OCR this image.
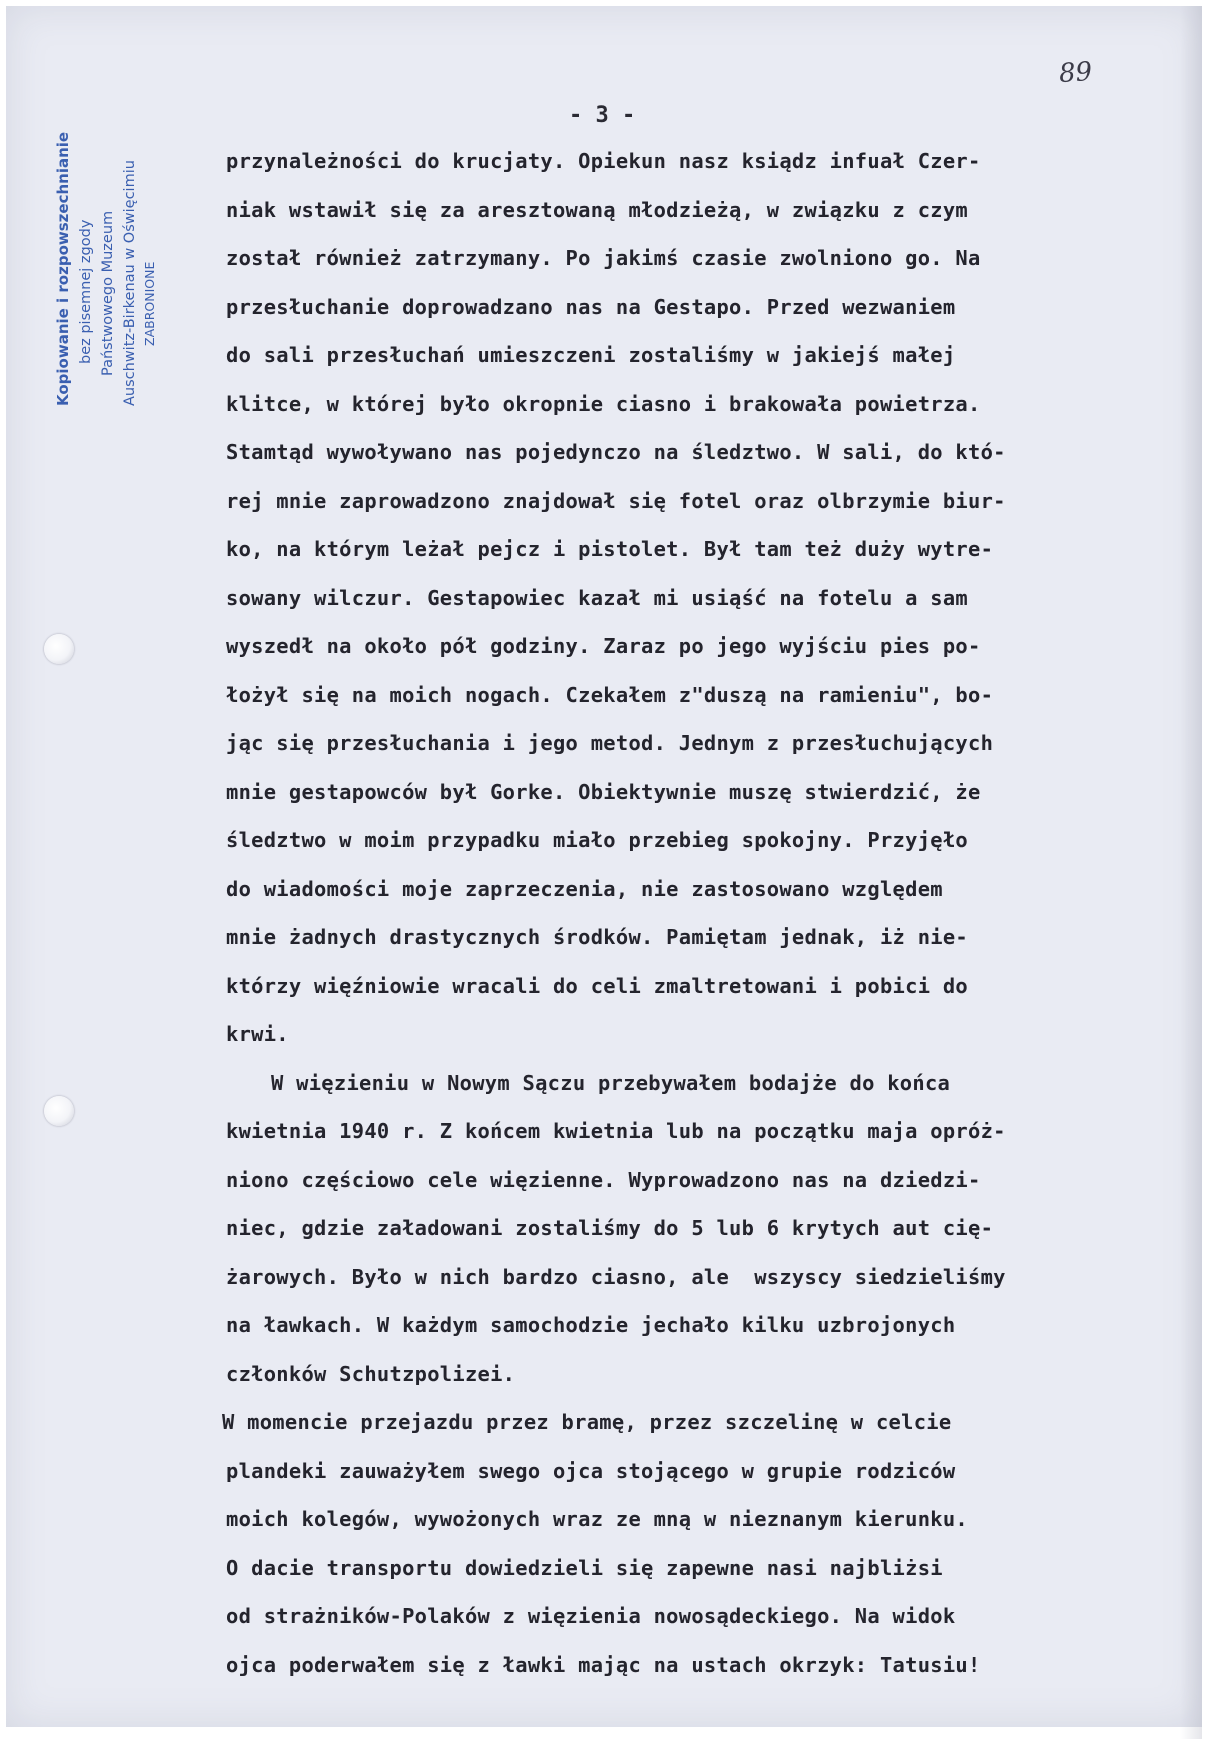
Kopiowanie i rozpowszechnianie bez pisemnej zgody Państwowego Muzeum Auschwitz-Birkenau w Oświęcimiu ZABRONIONE
89
- 3 -
przynależności do krucjaty. Opiekun nasz ksiądz infuał Czer-
niak wstawił się za aresztowaną młodzieżą, w związku z czym
został również zatrzymany. Po jakimś czasie zwolniono go. Na
przesłuchanie doprowadzano nas na Gestapo. Przed wezwaniem
do sali przesłuchań umieszczeni zostaliśmy w jakiejś małej
klitce, w której było okropnie ciasno i brakowała powietrza.
Stamtąd wywoływano nas pojedynczo na śledztwo. W sali, do któ-
rej mnie zaprowadzono znajdował się fotel oraz olbrzymie biur-
ko, na którym leżał pejcz i pistolet. Był tam też duży wytre-
sowany wilczur. Gestapowiec kazał mi usiąść na fotelu a sam
wyszedł na około pół godziny. Zaraz po jego wyjściu pies po-
łożył się na moich nogach. Czekałem z"duszą na ramieniu", bo-
jąc się przesłuchania i jego metod. Jednym z przesłuchujących
mnie gestapowców był Gorke. Obiektywnie muszę stwierdzić, że
śledztwo w moim przypadku miało przebieg spokojny. Przyjęło
do wiadomości moje zaprzeczenia, nie zastosowano względem
mnie żadnych drastycznych środków. Pamiętam jednak, iż nie-
którzy więźniowie wracali do celi zmaltretowani i pobici do
krwi.
W więzieniu w Nowym Sączu przebywałem bodajże do końca
kwietnia 1940 r. Z końcem kwietnia lub na początku maja opróż-
niono częściowo cele więzienne. Wyprowadzono nas na dziedzi-
niec, gdzie załadowani zostaliśmy do 5 lub 6 krytych aut cię-
żarowych. Było w nich bardzo ciasno, ale  wszyscy siedzieliśmy
na ławkach. W każdym samochodzie jechało kilku uzbrojonych
członków Schutzpolizei.
W momencie przejazdu przez bramę, przez szczelinę w celcie
plandeki zauważyłem swego ojca stojącego w grupie rodziców
moich kolegów, wywożonych wraz ze mną w nieznanym kierunku.
O dacie transportu dowiedzieli się zapewne nasi najbliżsi
od strażników-Polaków z więzienia nowosądeckiego. Na widok
ojca poderwałem się z ławki mając na ustach okrzyk: Tatusiu!
